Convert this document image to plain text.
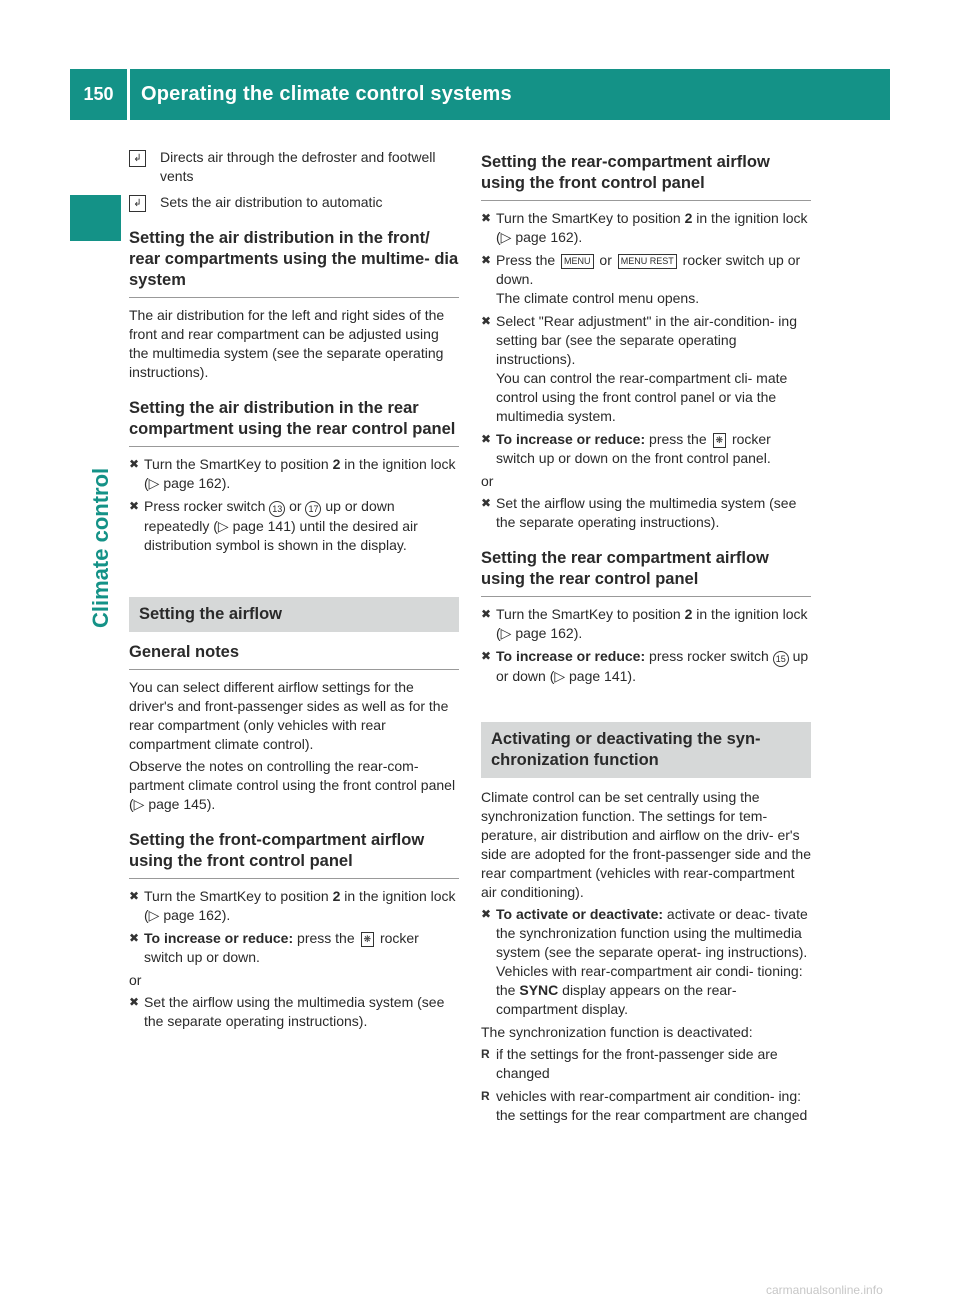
150	Operating the climate control systems
Climate control
↲	Directs air through the defroster and footwell vents
↲	Sets the air distribution to automatic
Setting the air distribution in the front/ rear compartments using the multime- dia system

The air distribution for the left and right sides of the front and rear compartment can be adjusted using the multimedia system (see the separate operating instructions).

Setting the air distribution in the rear compartment using the rear control panel
✖ Turn the SmartKey to position 2 in the ignition lock (▷ page 162).
✖ Press rocker switch 13 or 17 up or down repeatedly (▷ page 141) until the desired air distribution symbol is shown in the display.
Setting the airflow
General notes

You can select different airflow settings for the driver's and front-passenger sides as well as for the rear compartment (only vehicles with rear compartment climate control).

Observe the notes on controlling the rear-com- partment climate control using the front control panel (▷ page 145).

Setting the front-compartment airflow using the front control panel
✖ Turn the SmartKey to position 2 in the ignition lock (▷ page 162).
✖ To increase or reduce: press the ❋ rocker switch up or down.

or

✖ Set the airflow using the multimedia system (see the separate operating instructions).
Setting the rear-compartment airflow using the front control panel
✖ Turn the SmartKey to position 2 in the ignition lock (▷ page 162).
✖ Press the MENU or MENU REST rocker switch up or down.
The climate control menu opens.
✖ Select "Rear adjustment" in the air-condition- ing setting bar (see the separate operating instructions).
You can control the rear-compartment cli- mate control using the front control panel or via the multimedia system.
✖ To increase or reduce: press the ❋ rocker switch up or down on the front control panel.

or

✖ Set the airflow using the multimedia system (see the separate operating instructions).
Setting the rear compartment airflow using the rear control panel
✖ Turn the SmartKey to position 2 in the ignition lock (▷ page 162).
✖ To increase or reduce: press rocker switch 15 up or down (▷ page 141).
Activating or deactivating the syn- chronization function

Climate control can be set centrally using the synchronization function. The settings for tem- perature, air distribution and airflow on the driv- er's side are adopted for the front-passenger side and the rear compartment (vehicles with rear-compartment air conditioning).

✖ To activate or deactivate: activate or deac- tivate the synchronization function using the multimedia system (see the separate operat- ing instructions).
Vehicles with rear-compartment air condi- tioning: the SYNC display appears on the rear-compartment display.

The synchronization function is deactivated:

R if the settings for the front-passenger side are changed
R vehicles with rear-compartment air condition- ing: the settings for the rear compartment are changed
carmanualsonline.info
